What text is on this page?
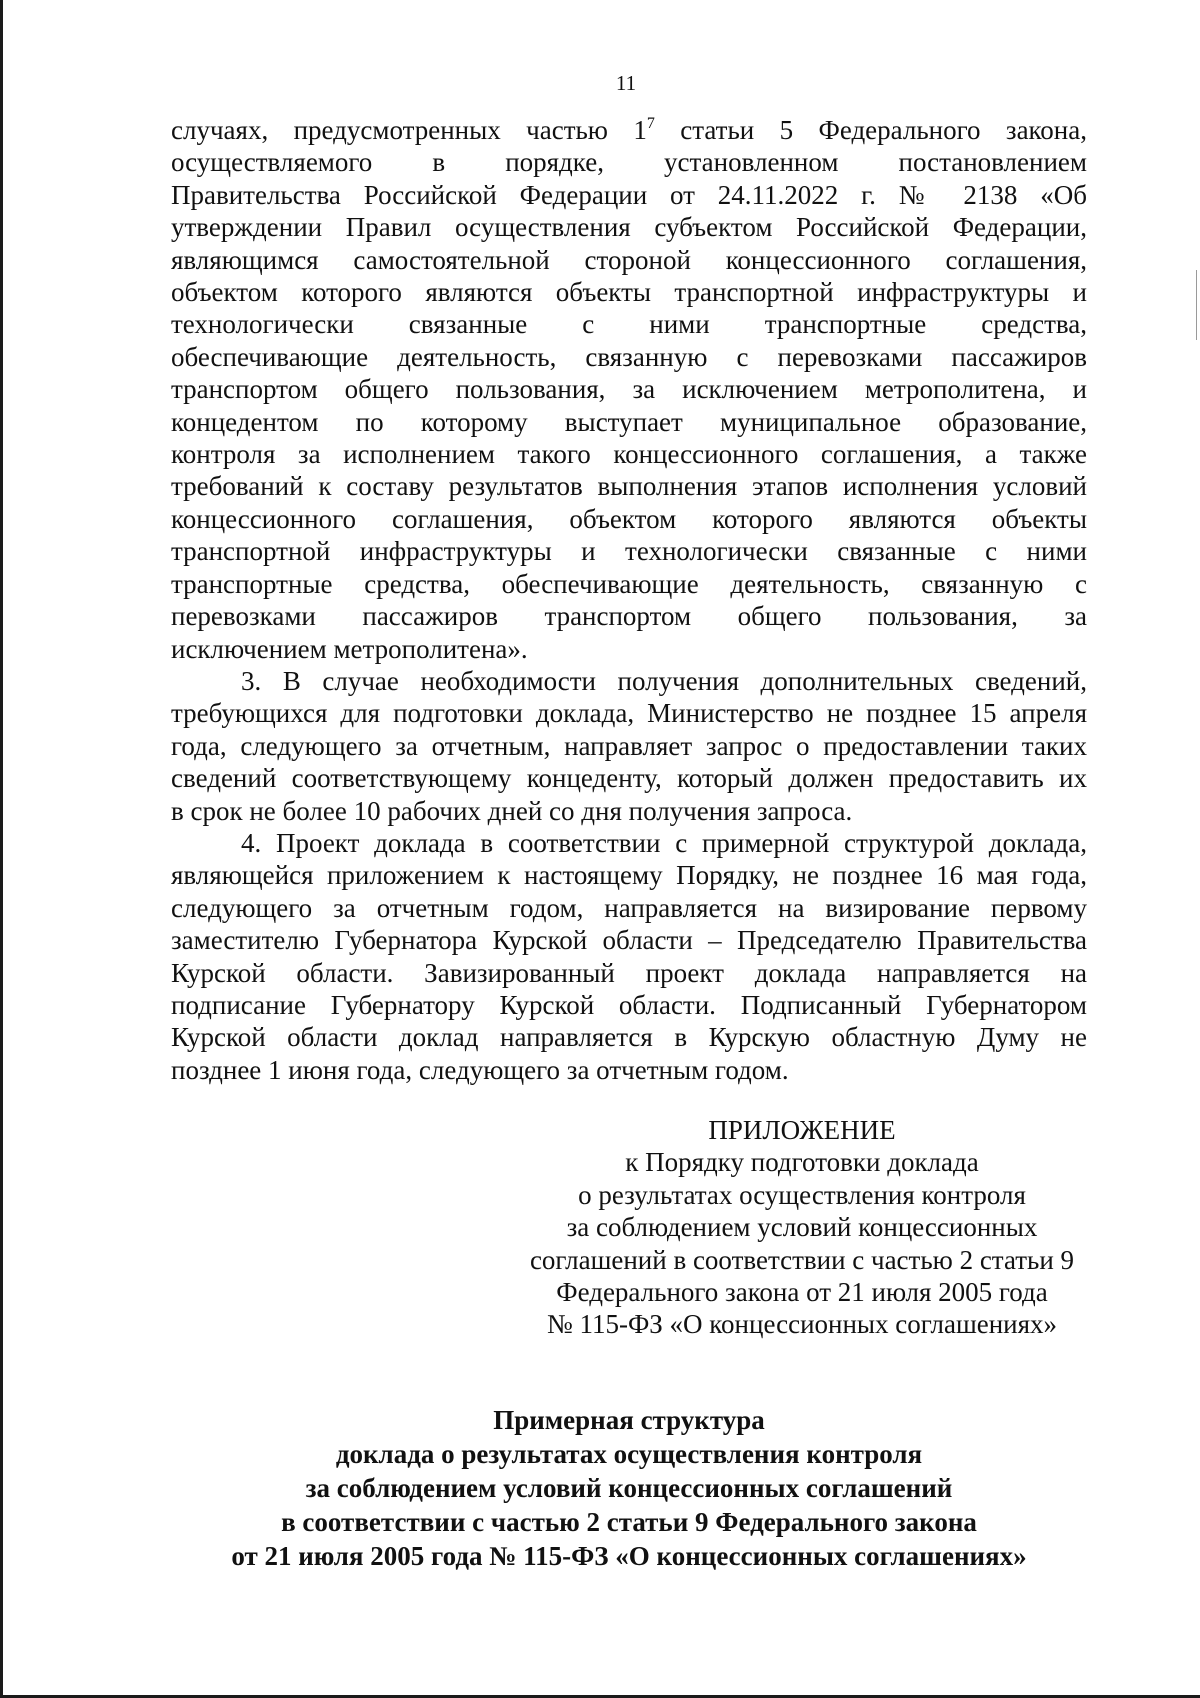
11
случаях, предусмотренных частью $1^7$ статьи 5 Федерального закона,
осуществляемого в порядке, установленном постановлением
Правительства Российской Федерации от 24.11.2022 г. № 2138 «Об
утверждении Правил осуществления субъектом Российской Федерации,
являющимся самостоятельной стороной концессионного соглашения,
объектом которого являются объекты транспортной инфраструктуры и
технологически связанные с ними транспортные средства,
обеспечивающие деятельность, связанную с перевозками пассажиров
транспортом общего пользования, за исключением метрополитена, и
концедентом по которому выступает муниципальное образование,
контроля за исполнением такого концессионного соглашения, а также
требований к составу результатов выполнения этапов исполнения условий
концессионного соглашения, объектом которого являются объекты
транспортной инфраструктуры и технологически связанные с ними
транспортные средства, обеспечивающие деятельность, связанную с
перевозками пассажиров транспортом общего пользования, за
исключением метрополитена».
3. В случае необходимости получения дополнительных сведений,
требующихся для подготовки доклада, Министерство не позднее 15 апреля
года, следующего за отчетным, направляет запрос о предоставлении таких
сведений соответствующему концеденту, который должен предоставить их
в срок не более 10 рабочих дней со дня получения запроса.
4. Проект доклада в соответствии с примерной структурой доклада,
являющейся приложением к настоящему Порядку, не позднее 16 мая года,
следующего за отчетным годом, направляется на визирование первому
заместителю Губернатора Курской области – Председателю Правительства
Курской области. Завизированный проект доклада направляется на
подписание Губернатору Курской области. Подписанный Губернатором
Курской области доклад направляется в Курскую областную Думу не
позднее 1 июня года, следующего за отчетным годом.
ПРИЛОЖЕНИЕ
к Порядку подготовки доклада
о результатах осуществления контроля
за соблюдением условий концессионных
соглашений в соответствии с частью 2 статьи 9
Федерального закона от 21 июля 2005 года
№ 115-ФЗ «О концессионных соглашениях»
Примерная структура
доклада о результатах осуществления контроля
за соблюдением условий концессионных соглашений
в соответствии с частью 2 статьи 9 Федерального закона
от 21 июля 2005 года № 115-ФЗ «О концессионных соглашениях»
